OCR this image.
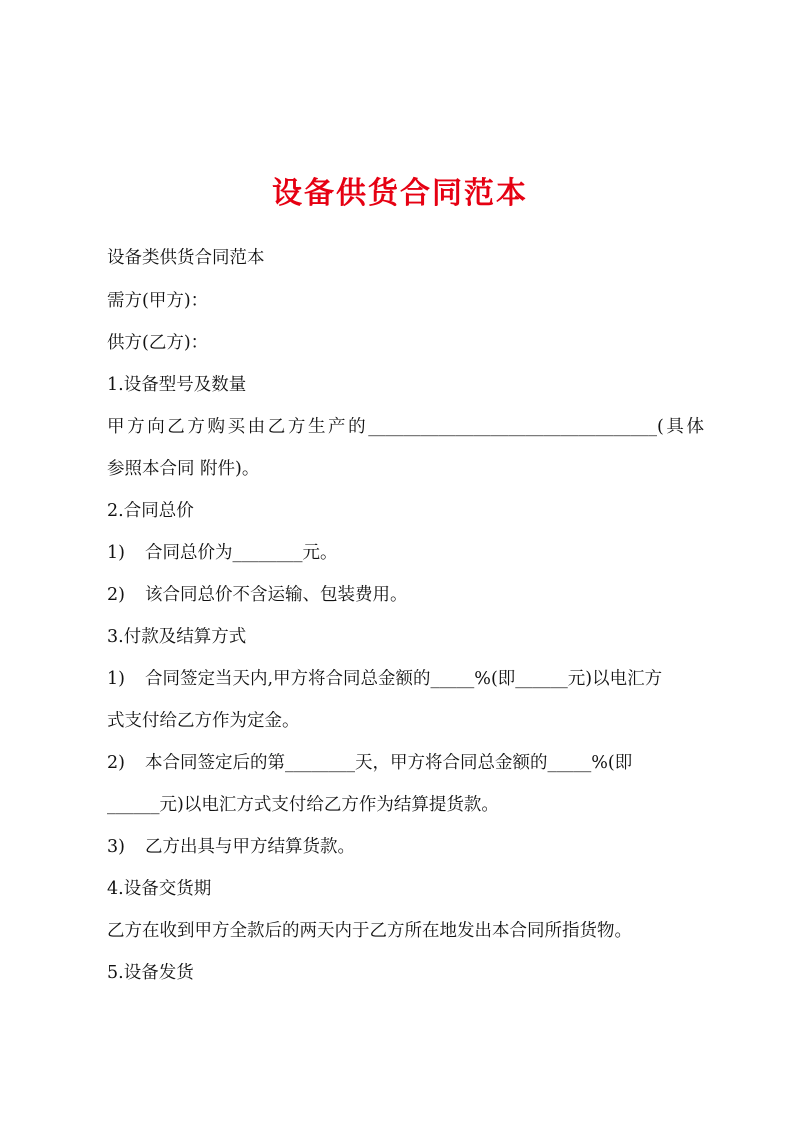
设备供货合同范本
设备类供货合同范本
需方(甲方)：
供方(乙方)：
1.设备型号及数量
甲方向乙方购买由乙方生产的_________________________________(具体
参照本合同 附件)。
2.合同总价
1) 合同总价为________元。
2) 该合同总价不含运输、包装费用。
3.付款及结算方式
1) 合同签定当天内,甲方将合同总金额的_____%(即______元)以电汇方
式支付给乙方作为定金。
2) 本合同签定后的第________天，甲方将合同总金额的_____%(即
______元)以电汇方式支付给乙方作为结算提货款。
3) 乙方出具与甲方结算货款。
4.设备交货期
乙方在收到甲方全款后的两天内于乙方所在地发出本合同所指货物。
5.设备发货
